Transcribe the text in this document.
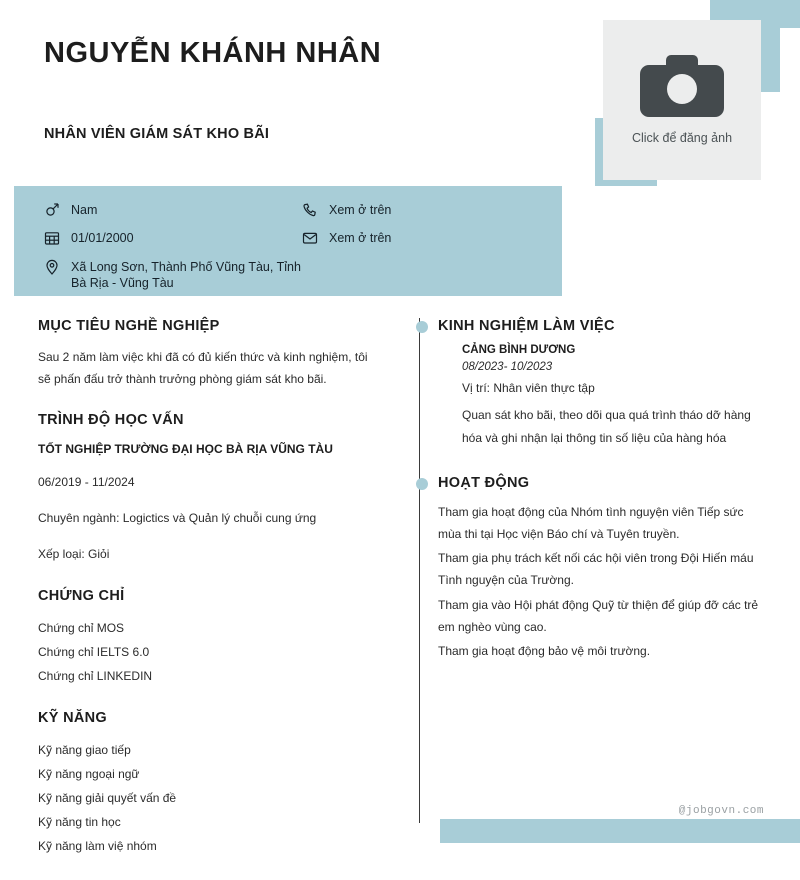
NGUYỄN KHÁNH NHÂN
NHÂN VIÊN GIÁM SÁT KHO BÃI	Click để đăng ảnh
Nam
01/01/2000
Xã Long Sơn, Thành Phố Vũng Tàu, Tỉnh Bà Rịa - Vũng Tàu
Xem ở trên
Xem ở trên
MỤC TIÊU NGHỀ NGHIỆP

Sau 2 năm làm việc khi đã có đủ kiến thức và kinh nghiệm, tôi sẽ phấn đấu trở thành trưởng phòng giám sát kho bãi.

TRÌNH ĐỘ HỌC VẤN

TỐT NGHIỆP TRƯỜNG ĐẠI HỌC BÀ RỊA VŨNG TÀU

06/2019 - 11/2024

Chuyên ngành: Logictics và Quản lý chuỗi cung ứng

Xếp loại: Giỏi

CHỨNG CHỈ
Chứng chỉ MOS
Chứng chỉ IELTS 6.0
Chứng chỉ LINKEDIN
KỸ NĂNG
Kỹ năng giao tiếp
Kỹ năng ngoại ngữ
Kỹ năng giải quyết vấn đề
Kỹ năng tin học
Kỹ năng làm việ nhóm
KINH NGHIỆM LÀM VIỆC

CẢNG BÌNH DƯƠNG

08/2023- 10/2023

Vị trí: Nhân viên thực tập

Quan sát kho bãi, theo dõi qua quá trình tháo dỡ hàng hóa và ghi nhận lại thông tin số liệu của hàng hóa

HOẠT ĐỘNG

Tham gia hoạt động của Nhóm tình nguyện viên Tiếp sức mùa thi tại Học viện Báo chí và Tuyên truyền.

Tham gia phụ trách kết nối các hội viên trong Đội Hiến máu Tình nguyện của Trường.

Tham gia vào Hội phát động Quỹ từ thiện để giúp đỡ các trẻ em nghèo vùng cao.

Tham gia hoạt động bảo vệ môi trường.

@jobgovn.com
